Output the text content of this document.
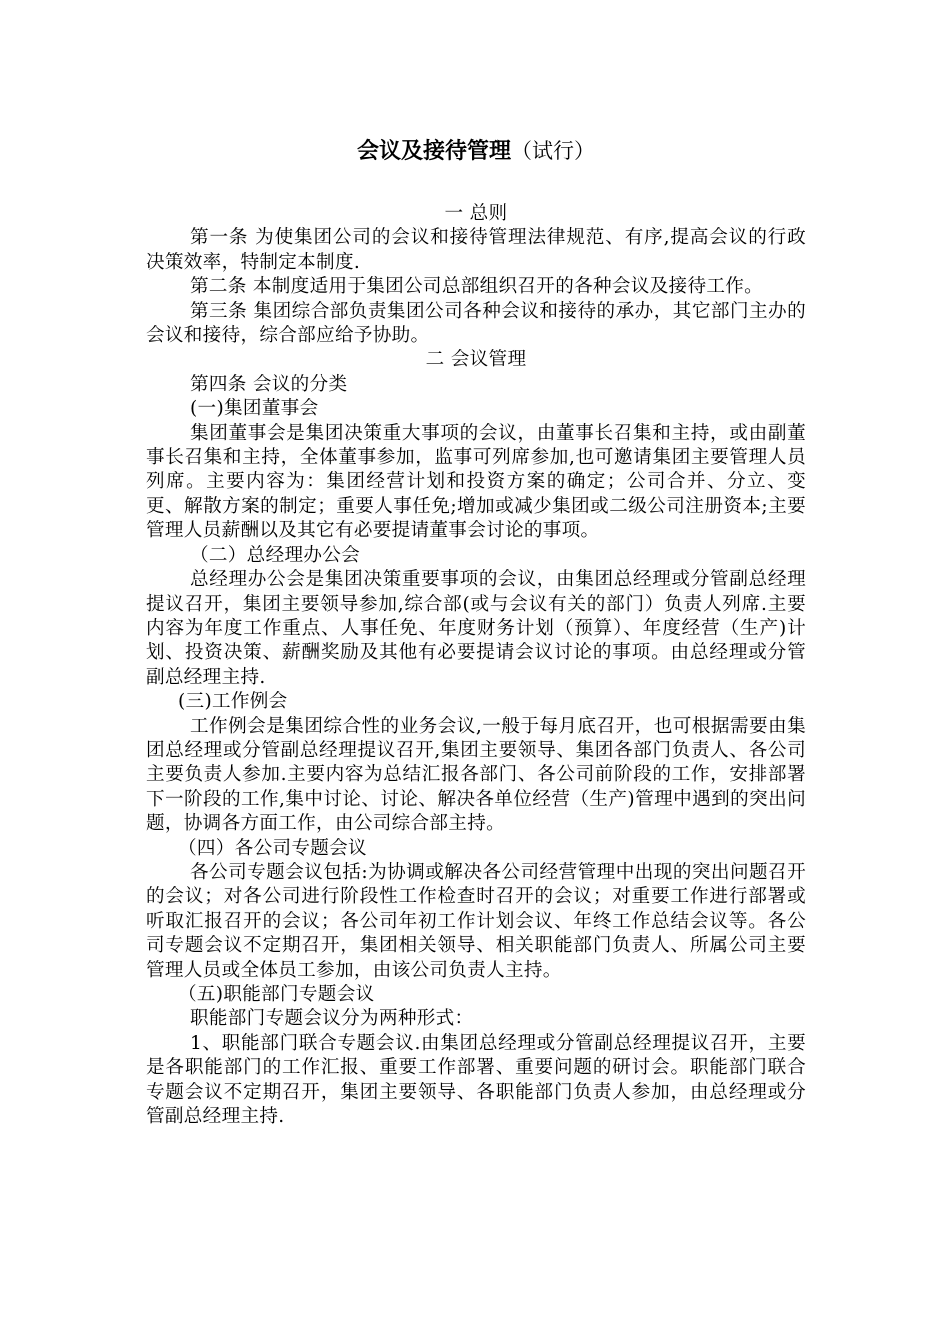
会议及接待管理（试行）

一 总则

第一条 为使集团公司的会议和接待管理法律规范、有序,提高会议的行政决策效率，特制定本制度.

第二条 本制度适用于集团公司总部组织召开的各种会议及接待工作。

第三条 集团综合部负责集团公司各种会议和接待的承办，其它部门主办的会议和接待，综合部应给予协助。

二 会议管理

第四条 会议的分类

(一)集团董事会

集团董事会是集团决策重大事项的会议，由董事长召集和主持，或由副董事长召集和主持，全体董事参加，监事可列席参加,也可邀请集团主要管理人员列席。主要内容为：集团经营计划和投资方案的确定；公司合并、分立、变更、解散方案的制定；重要人事任免;增加或减少集团或二级公司注册资本;主要管理人员薪酬以及其它有必要提请董事会讨论的事项。

（二）总经理办公会

总经理办公会是集团决策重要事项的会议，由集团总经理或分管副总经理提议召开，集团主要领导参加,综合部(或与会议有关的部门）负责人列席.主要内容为年度工作重点、人事任免、年度财务计划（预算）、年度经营（生产)计划、投资决策、薪酬奖励及其他有必要提请会议讨论的事项。由总经理或分管副总经理主持.

(三)工作例会

工作例会是集团综合性的业务会议,一般于每月底召开，也可根据需要由集团总经理或分管副总经理提议召开,集团主要领导、集团各部门负责人、各公司主要负责人参加.主要内容为总结汇报各部门、各公司前阶段的工作，安排部署下一阶段的工作,集中讨论、讨论、解决各单位经营（生产)管理中遇到的突出问题，协调各方面工作，由公司综合部主持。

（四）各公司专题会议

各公司专题会议包括:为协调或解决各公司经营管理中出现的突出问题召开的会议；对各公司进行阶段性工作检查时召开的会议；对重要工作进行部署或听取汇报召开的会议；各公司年初工作计划会议、年终工作总结会议等。各公司专题会议不定期召开，集团相关领导、相关职能部门负责人、所属公司主要管理人员或全体员工参加，由该公司负责人主持。

（五)职能部门专题会议

职能部门专题会议分为两种形式：

1、职能部门联合专题会议.由集团总经理或分管副总经理提议召开，主要是各职能部门的工作汇报、重要工作部署、重要问题的研讨会。职能部门联合专题会议不定期召开，集团主要领导、各职能部门负责人参加，由总经理或分管副总经理主持.
